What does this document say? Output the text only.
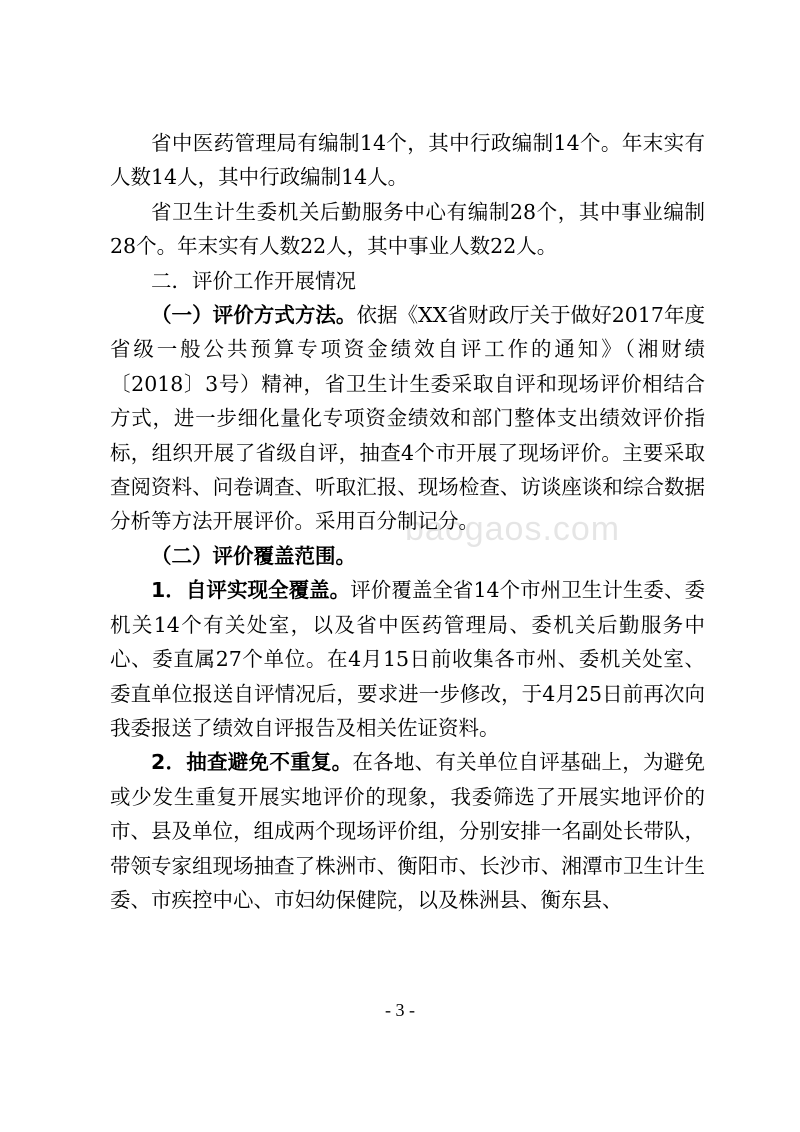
省中医药管理局有编制14个，其中行政编制14个。年末实有人数14人，其中行政编制14人。

省卫生计生委机关后勤服务中心有编制28个，其中事业编制28个。年末实有人数22人，其中事业人数22人。

二．评价工作开展情况

（一）评价方式方法。依据《XX省财政厅关于做好2017年度省级一般公共预算专项资金绩效自评工作的通知》（湘财绩〔2018〕3号）精神，省卫生计生委采取自评和现场评价相结合方式，进一步细化量化专项资金绩效和部门整体支出绩效评价指标，组织开展了省级自评，抽查4个市开展了现场评价。主要采取查阅资料、问卷调查、听取汇报、现场检查、访谈座谈和综合数据分析等方法开展评价。采用百分制记分。

（二）评价覆盖范围。

1．自评实现全覆盖。评价覆盖全省14个市州卫生计生委、委机关14个有关处室，以及省中医药管理局、委机关后勤服务中心、委直属27个单位。在4月15日前收集各市州、委机关处室、委直单位报送自评情况后，要求进一步修改，于4月25日前再次向我委报送了绩效自评报告及相关佐证资料。

2．抽查避免不重复。在各地、有关单位自评基础上，为避免或少发生重复开展实地评价的现象，我委筛选了开展实地评价的市、县及单位，组成两个现场评价组，分别安排一名副处长带队，带领专家组现场抽查了株洲市、衡阳市、长沙市、湘潭市卫生计生委、市疾控中心、市妇幼保健院，以及株洲县、衡东县、

baogaos.com
- 3 -
